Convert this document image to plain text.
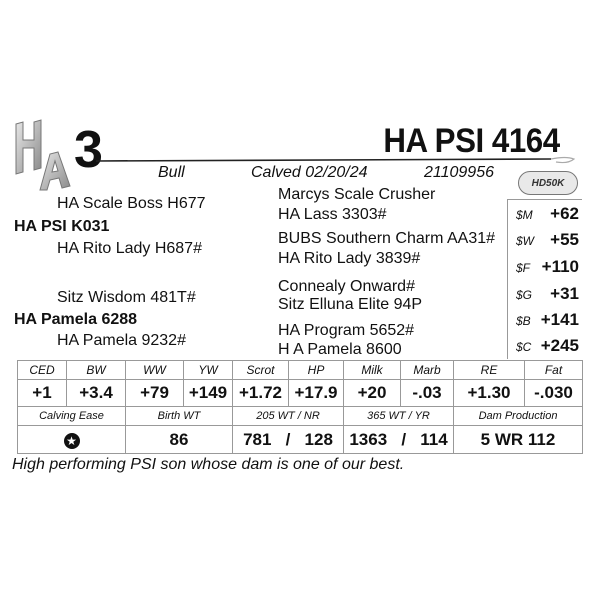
3	HA PSI 4164
Bull	Calved 02/20/24	21109956
HD50K
HA Scale Boss H677
Marcys Scale Crusher
HA Lass 3303#
HA PSI K031
HA Rito Lady H687#
BUBS Southern Charm AA31#
HA Rito Lady 3839#
Sitz Wisdom 481T#
Connealy Onward#
Sitz Elluna Elite 94P
HA Pamela 6288
HA Pamela 9232#
HA Program 5652#
H A Pamela 8600
$M +62
$W +55
$F +110
$G +31
$B +141
$C +245
CED	BW	WW	YW	Scrot	HP	Milk	Marb	RE	Fat
+1	+3.4	+79	+149	+1.72	+17.9	+20	-.03	+1.30	-.030
Calving Ease		Birth WT		205 WT / NR		365 WT / YR		Dam Production	
★		86		781 / 128		1363 / 114		5 WR 112	
High performing PSI son whose dam is one of our best.
